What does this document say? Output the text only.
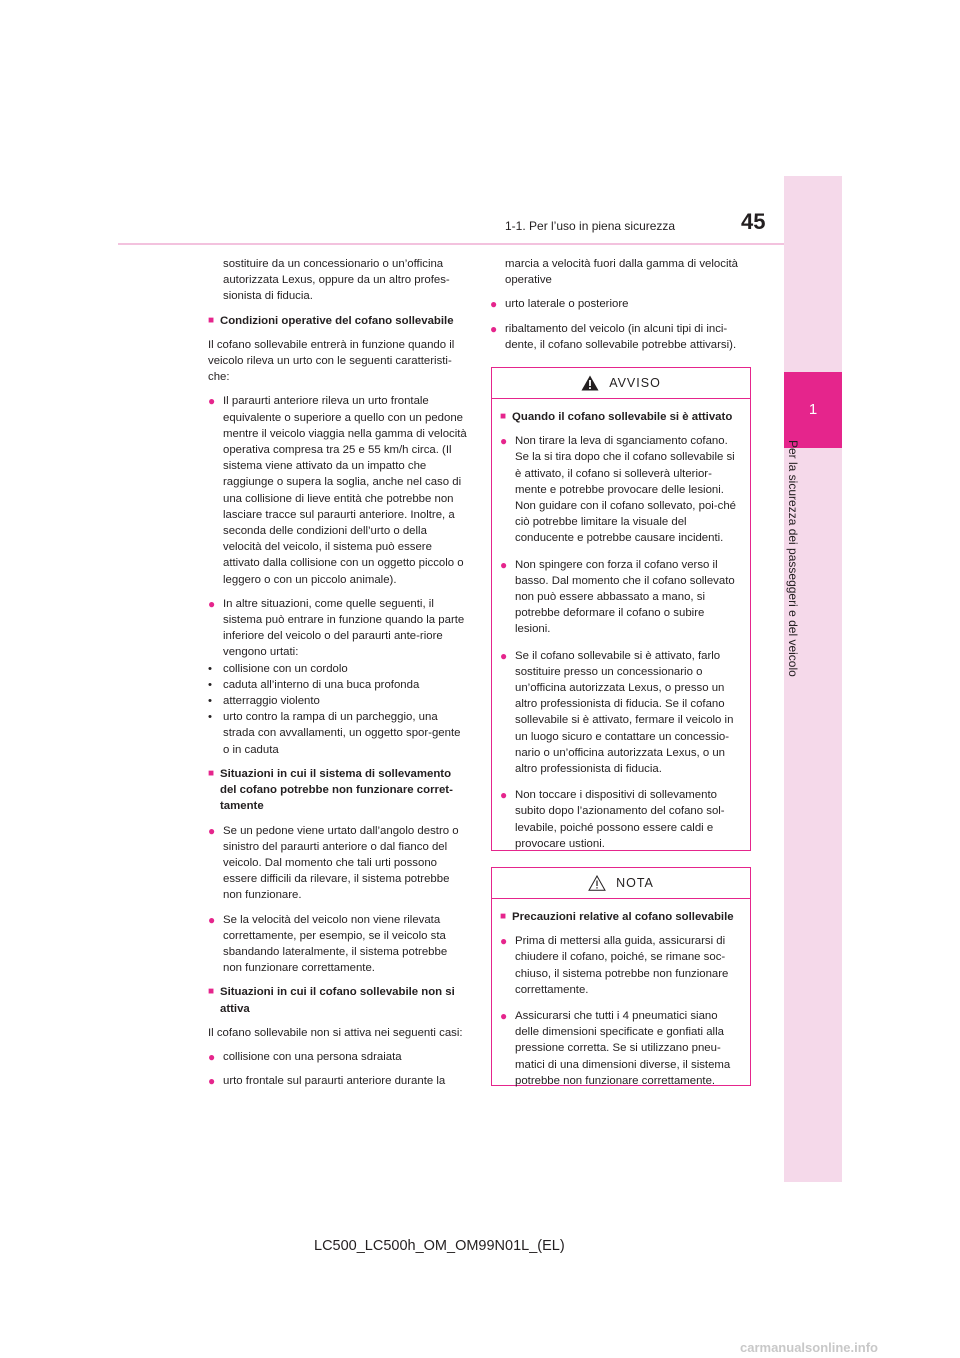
1
Per la sicurezza dei passeggeri e del veicolo
45
1-1. Per l’uso in piena sicurezza

sostituire da un concessionario o un’officina autorizzata Lexus, oppure da un altro profes-sionista di fiducia.

■ Condizioni operative del cofano sollevabile

Il cofano sollevabile entrerà in funzione quando il veicolo rileva un urto con le seguenti caratteristi-che:

● Il paraurti anteriore rileva un urto frontale equivalente o superiore a quello con un pedone mentre il veicolo viaggia nella gamma di velocità operativa compresa tra 25 e 55 km/h circa. (Il sistema viene attivato da un impatto che raggiunge o supera la soglia, anche nel caso di una collisione di lieve entità che potrebbe non lasciare tracce sul paraurti anteriore. Inoltre, a seconda delle condizioni dell’urto o della velocità del veicolo, il sistema può essere attivato dalla collisione con un oggetto piccolo o leggero o con un piccolo animale).
● In altre situazioni, come quelle seguenti, il sistema può entrare in funzione quando la parte inferiore del veicolo o del paraurti ante-riore vengono urtati:
• collisione con un cordolo
• caduta all’interno di una buca profonda
• atterraggio violento
• urto contro la rampa di un parcheggio, una strada con avvallamenti, un oggetto spor-gente o in caduta
■ Situazioni in cui il sistema di sollevamento del cofano potrebbe non funzionare corret-tamente
● Se un pedone viene urtato dall’angolo destro o sinistro del paraurti anteriore o dal fianco del veicolo. Dal momento che tali urti possono essere difficili da rilevare, il sistema potrebbe non funzionare.
● Se la velocità del veicolo non viene rilevata correttamente, per esempio, se il veicolo sta sbandando lateralmente, il sistema potrebbe non funzionare correttamente.
■ Situazioni in cui il cofano sollevabile non si attiva

Il cofano sollevabile non si attiva nei seguenti casi:

● collisione con una persona sdraiata
● urto frontale sul paraurti anteriore durante la

marcia a velocità fuori dalla gamma di velocità operative

● urto laterale o posteriore
● ribaltamento del veicolo (in alcuni tipi di inci-dente, il cofano sollevabile potrebbe attivarsi).
AVVISO
■ Quando il cofano sollevabile si è attivato
● Non tirare la leva di sganciamento cofano. Se la si tira dopo che il cofano sollevabile si è attivato, il cofano si solleverà ulterior-mente e potrebbe provocare delle lesioni. Non guidare con il cofano sollevato, poi-ché ciò potrebbe limitare la visuale del conducente e potrebbe causare incidenti.
● Non spingere con forza il cofano verso il basso. Dal momento che il cofano sollevato non può essere abbassato a mano, si potrebbe deformare il cofano o subire lesioni.
● Se il cofano sollevabile si è attivato, farlo sostituire presso un concessionario o un’officina autorizzata Lexus, o presso un altro professionista di fiducia. Se il cofano sollevabile si è attivato, fermare il veicolo in un luogo sicuro e contattare un concessio-nario o un’officina autorizzata Lexus, o un altro professionista di fiducia.
● Non toccare i dispositivi di sollevamento subito dopo l’azionamento del cofano sol-levabile, poiché possono essere caldi e provocare ustioni.
NOTA
■ Precauzioni relative al cofano sollevabile
● Prima di mettersi alla guida, assicurarsi di chiudere il cofano, poiché, se rimane soc-chiuso, il sistema potrebbe non funzionare correttamente.
● Assicurarsi che tutti i 4 pneumatici siano delle dimensioni specificate e gonfiati alla pressione corretta. Se si utilizzano pneu-matici di una dimensioni diverse, il sistema potrebbe non funzionare correttamente.
LC500_LC500h_OM_OM99N01L_(EL)
carmanualsonline.info
